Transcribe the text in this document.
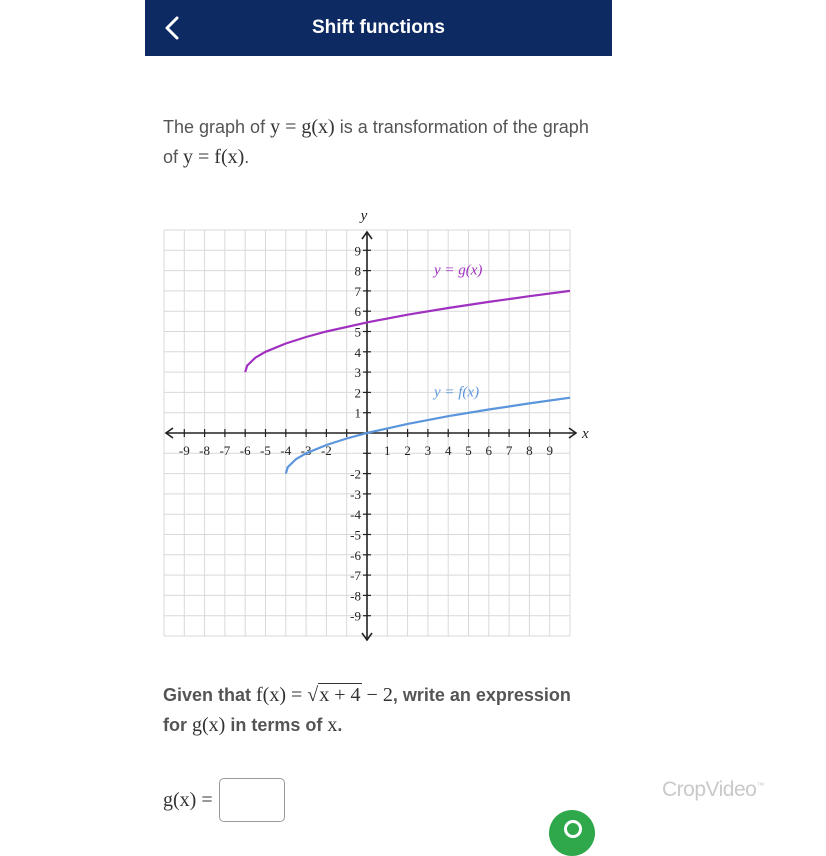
Shift functions
The graph of y = g(x) is a transformation of the graph of y = f(x).
-9 -8 -7 -6 -5 -4 -3 -2	1 2 3 4 5 6 7 8 9
9
8
7
6
5
4
3
2
1
-2
-3
-4
-5
-6
-7
-8
-9
x
y
y = g(x)
y = f(x)
Given that f(x) = √x + 4 − 2, write an expression for g(x) in terms of x.
g(x) =	CropVideo™
